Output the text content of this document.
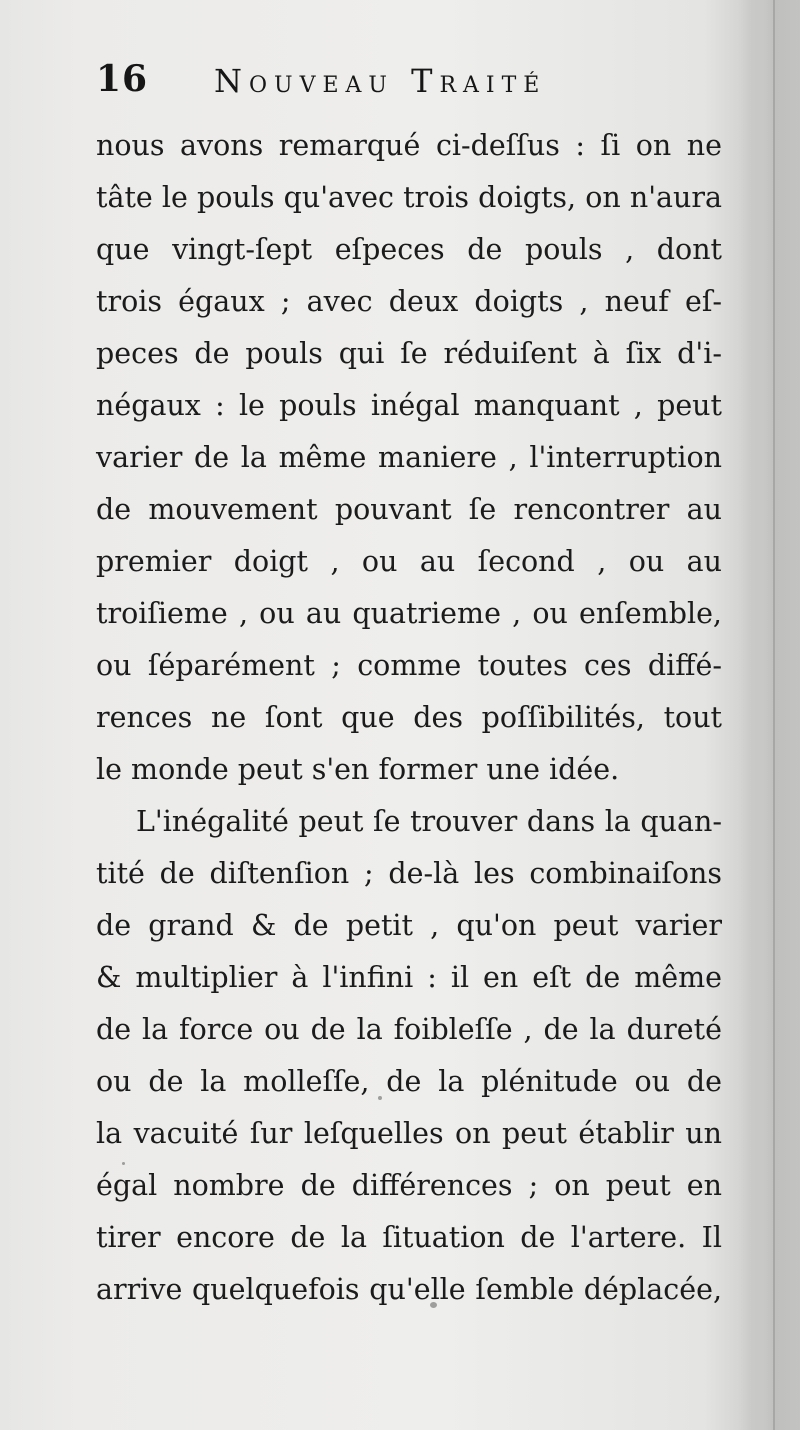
16 Nouveau Traité
nous avons remarqué ci-deſſus : ſi on ne
tâte le pouls qu'avec trois doigts, on n'aura
que vingt-ſept eſpeces de pouls , dont
trois égaux ; avec deux doigts , neuf eſ-
peces de pouls qui ſe réduiſent à ſix d'i-
négaux : le pouls inégal manquant , peut
varier de la même maniere , l'interruption
de mouvement pouvant ſe rencontrer au
premier doigt , ou au ſecond , ou au
troiſieme , ou au quatrieme , ou enſemble,
ou ſéparément ; comme toutes ces diffé-
rences ne ſont que des poſſibilités, tout
le monde peut s'en former une idée.
L'inégalité peut ſe trouver dans la quan-
tité de diſtenſion ; de-là les combinaiſons
de grand & de petit , qu'on peut varier
& multiplier à l'infini : il en eſt de même
de la force ou de la foibleſſe , de la dureté
ou de la molleſſe, de la plénitude ou de
la vacuité ſur leſquelles on peut établir un
égal nombre de différences ; on peut en
tirer encore de la ſituation de l'artere. Il
arrive quelquefois qu'elle ſemble déplacée,
